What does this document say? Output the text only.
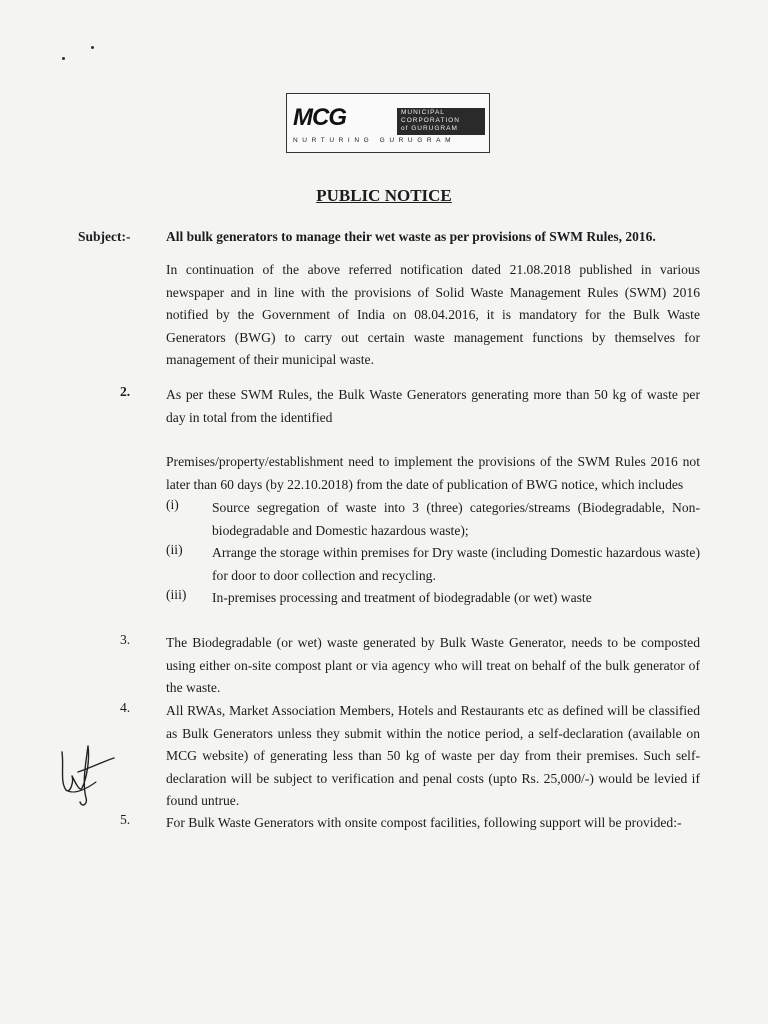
MCG	MUNICIPAL
CORPORATION
of GURUGRAM
NURTURING GURUGRAM
PUBLIC NOTICE
Subject:-	All bulk generators to manage their wet waste as per provisions of SWM Rules, 2016.
In continuation of the above referred notification dated 21.08.2018 published in various newspaper and in line with the provisions of Solid Waste Management Rules (SWM) 2016 notified by the Government of India on 08.04.2016, it is mandatory for the Bulk Waste Generators (BWG) to carry out certain waste management functions by themselves for management of their municipal waste.
2.	As per these SWM Rules, the Bulk Waste Generators generating more than 50 kg of waste per day in total from the identified
Premises/property/establishment need to implement the provisions of the SWM Rules 2016 not later than 60 days (by 22.10.2018) from the date of publication of BWG notice, which includes
(i) Source segregation of waste into 3 (three) categories/streams (Biodegradable, Non-biodegradable and Domestic hazardous waste);
(ii) Arrange the storage within premises for Dry waste (including Domestic hazardous waste) for door to door collection and recycling.
(iii) In-premises processing and treatment of biodegradable (or wet) waste
3.	The Biodegradable (or wet) waste generated by Bulk Waste Generator, needs to be composted using either on-site compost plant or via agency who will treat on behalf of the bulk generator of the waste.
4.	All RWAs, Market Association Members, Hotels and Restaurants etc as defined will be classified as Bulk Generators unless they submit within the notice period, a self-declaration (available on MCG website) of generating less than 50 kg of waste per day from their premises. Such self-declaration will be subject to verification and penal costs (upto Rs. 25,000/-) would be levied if found untrue.
5.	For Bulk Waste Generators with onsite compost facilities, following support will be provided:-
